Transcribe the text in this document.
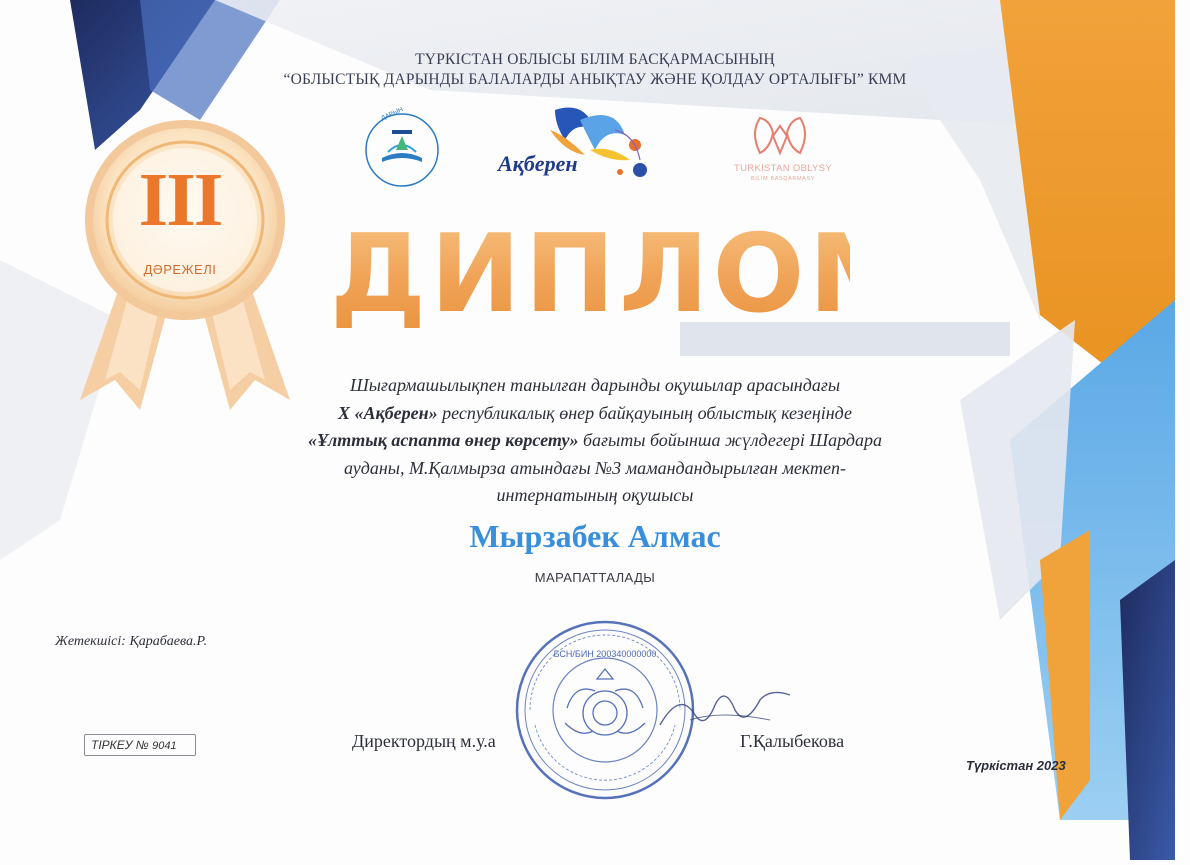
ТҮРКІСТАН ОБЛЫСЫ БІЛІМ БАСҚАРМАСЫНЫҢ
“ОБЛЫСТЫҚ ДАРЫНДЫ БАЛАЛАРДЫ АНЫҚТАУ ЖӘНЕ ҚОЛДАУ ОРТАЛЫҒЫ” КММ
ДАРЫН
Ақберен	TURKISTAN OBLYSY
BILIM BASQARMASY
III
ДӘРЕЖЕЛІ	ДИПЛОМ
Шығармашылықпен танылған дарынды оқушылар арасындағы
Х «Ақберен» республикалық өнер байқауының облыстық кезеңінде
«Ұлттық аспапта өнер көрсету» бағыты бойынша жүлдегері Шардара
ауданы, М.Қалмырза атындағы №3 мамандандырылған мектеп-
интернатының оқушысы
Мырзабек Алмас
МАРАПАТТАЛАДЫ
Жетекшісі: Қарабаева.Р.
ТІРКЕУ № 9041
БСН/БИН 200340000000
Директордың м.у.а	Г.Қалыбекова
Түркістан 2023
